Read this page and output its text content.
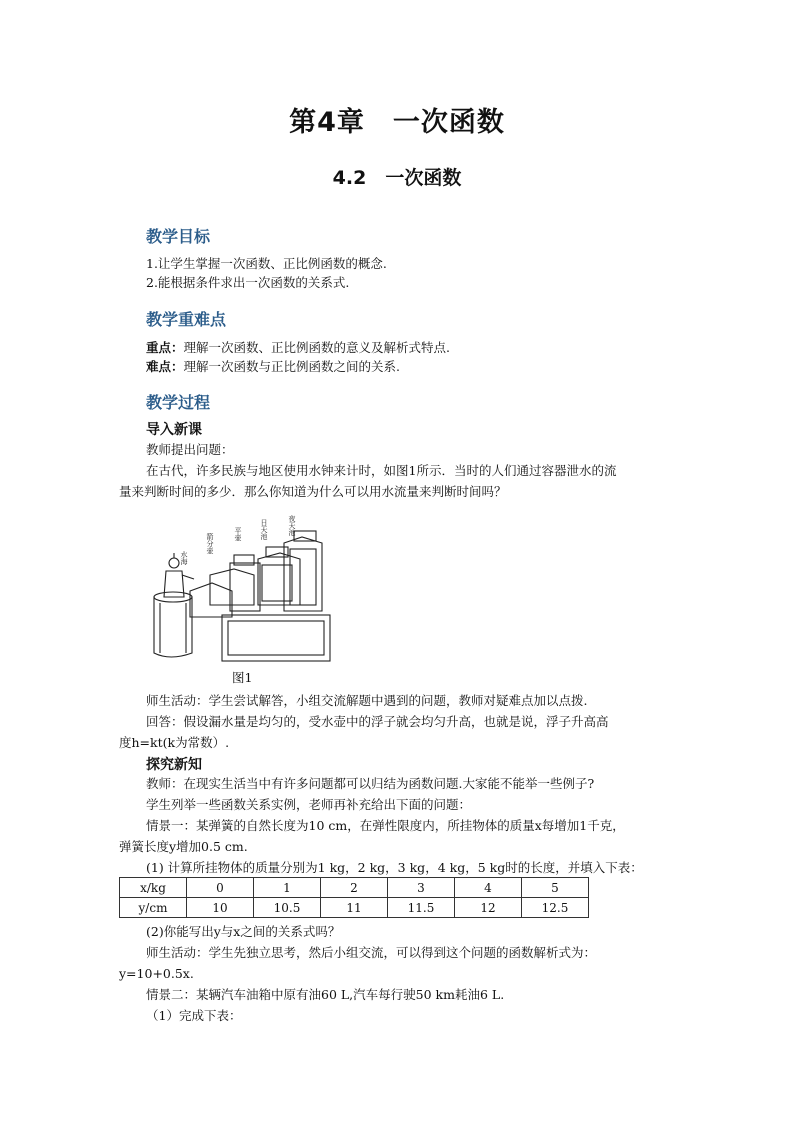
第4章　一次函数
4.2　一次函数
教学目标
1.让学生掌握一次函数、正比例函数的概念.
2.能根据条件求出一次函数的关系式.
教学重难点
重点：理解一次函数、正比例函数的意义及解析式特点.
难点：理解一次函数与正比例函数之间的关系.
教学过程
导入新课
教师提出问题：
在古代，许多民族与地区使用水钟来计时，如图1所示．当时的人们通过容器泄水的流
量来判断时间的多少．那么你知道为什么可以用水流量来判断时间吗？
水海
箭分壶	平壶	日天池	夜天池
图1
师生活动：学生尝试解答，小组交流解题中遇到的问题，教师对疑难点加以点拨.
回答：假设漏水量是均匀的，受水壶中的浮子就会均匀升高，也就是说，浮子升高高
度h=kt(k为常数）.
探究新知
教师：在现实生活当中有许多问题都可以归结为函数问题.大家能不能举一些例子?
学生列举一些函数关系实例，老师再补充给出下面的问题：
情景一：某弹簧的自然长度为10 cm，在弹性限度内，所挂物体的质量x每增加1千克，
弹簧长度y增加0.5 cm.
(1) 计算所挂物体的质量分别为1 kg，2 kg，3 kg，4 kg，5 kg时的长度，并填入下表：
x/kg	0	1	2	3	4	5
y/cm	10	10.5	11	11.5	12	12.5
(2)你能写出y与x之间的关系式吗？
师生活动：学生先独立思考，然后小组交流，可以得到这个问题的函数解析式为：
y=10+0.5x.
情景二：某辆汽车油箱中原有油60 L,汽车每行驶50 km耗油6 L.
（1）完成下表：
